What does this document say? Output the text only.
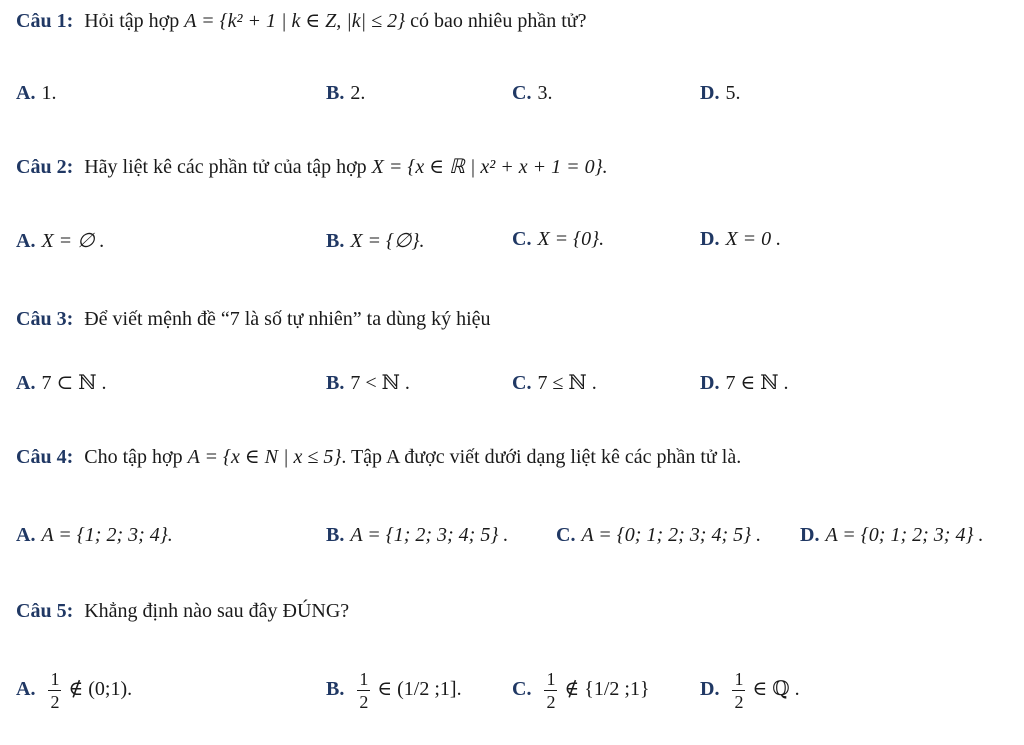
Câu 1: Hỏi tập hợp A = {k² + 1 | k ∈ Z, |k| ≤ 2} có bao nhiêu phần tử?
A. 1.	B. 2.	C. 3.	D. 5.
Câu 2: Hãy liệt kê các phần tử của tập hợp X = {x ∈ ℝ | x² + x + 1 = 0}.
A. X = ∅ .	B. X = {∅}.	C. X = {0}.	D. X = 0 .
Câu 3: Để viết mệnh đề “7 là số tự nhiên” ta dùng ký hiệu
A. 7 ⊂ ℕ .	B. 7 < ℕ .	C. 7 ≤ ℕ .	D. 7 ∈ ℕ .
Câu 4: Cho tập hợp A = {x ∈ N | x ≤ 5}. Tập A được viết dưới dạng liệt kê các phần tử là.
A. A = {1; 2; 3; 4}.	B. A = {1; 2; 3; 4; 5} . C. A = {0; 1; 2; 3; 4; 5} . D. A = {0; 1; 2; 3; 4} .
Câu 5: Khẳng định nào sau đây ĐÚNG?
A. $\frac{1}{2}$ ∉ (0;1).	B. $\frac{1}{2}$ ∈ (1/2 ;1].	C. $\frac{1}{2}$ ∉ {1/2 ;1}	D. $\frac{1}{2}$ ∈ ℚ .
